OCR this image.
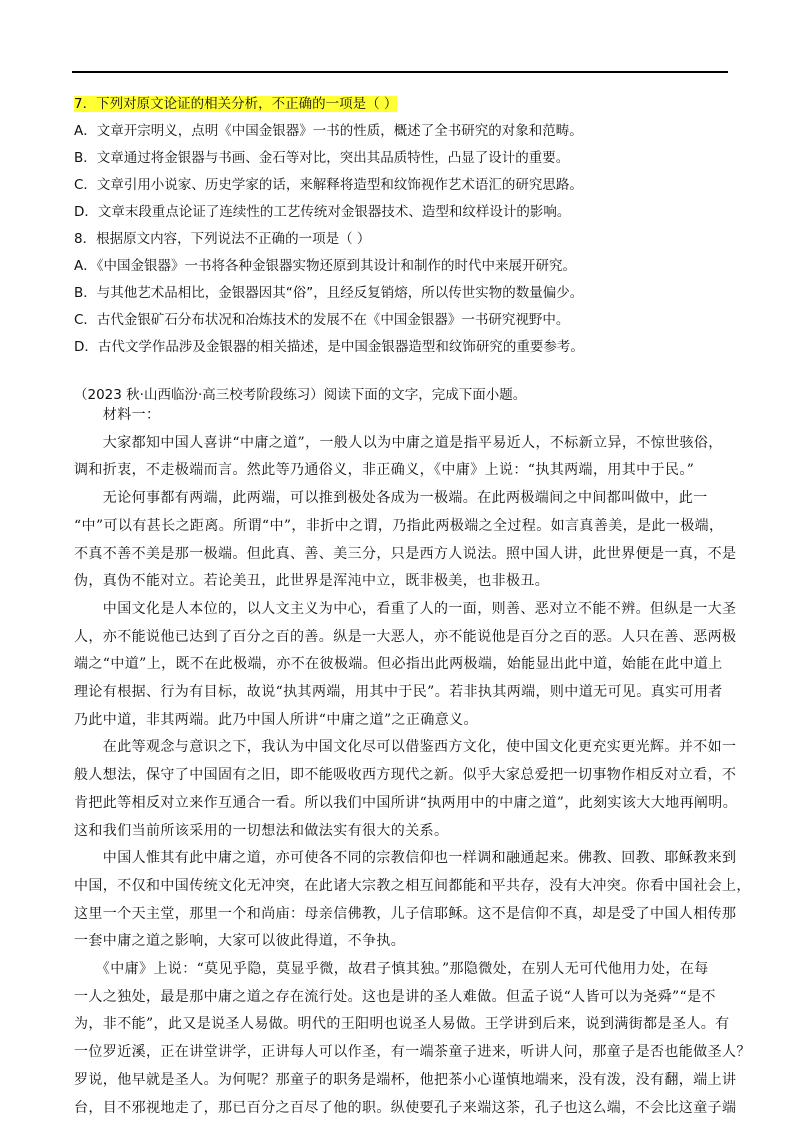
7．下列对原文论证的相关分析，不正确的一项是（ ）
A．文章开宗明义，点明《中国金银器》一书的性质，概述了全书研究的对象和范畴。
B．文章通过将金银器与书画、金石等对比，突出其品质特性，凸显了设计的重要。
C．文章引用小说家、历史学家的话，来解释将造型和纹饰视作艺术语汇的研究思路。
D．文章末段重点论证了连续性的工艺传统对金银器技术、造型和纹样设计的影响。
8．根据原文内容，下列说法不正确的一项是（ ）
A．《中国金银器》一书将各种金银器实物还原到其设计和制作的时代中来展开研究。
B．与其他艺术品相比，金银器因其“俗”，且经反复销熔，所以传世实物的数量偏少。
C．古代金银矿石分布状况和冶炼技术的发展不在《中国金银器》一书研究视野中。
D．古代文学作品涉及金银器的相关描述，是中国金银器造型和纹饰研究的重要参考。
（2023 秋·山西临汾·高三校考阶段练习）阅读下面的文字，完成下面小题。
　　材料一：
　　大家都知中国人喜讲“中庸之道”，一般人以为中庸之道是指平易近人，不标新立异，不惊世骇俗，
调和折衷，不走极端而言。然此等乃通俗义，非正确义，《中庸》上说：“执其两端，用其中于民。”
　　无论何事都有两端，此两端，可以推到极处各成为一极端。在此两极端间之中间都叫做中，此一
“中”可以有甚长之距离。所谓“中”，非折中之谓，乃指此两极端之全过程。如言真善美，是此一极端，
不真不善不美是那一极端。但此真、善、美三分，只是西方人说法。照中国人讲，此世界便是一真，不是
伪，真伪不能对立。若论美丑，此世界是浑沌中立，既非极美，也非极丑。
　　中国文化是人本位的，以人文主义为中心，看重了人的一面，则善、恶对立不能不辨。但纵是一大圣
人，亦不能说他已达到了百分之百的善。纵是一大恶人，亦不能说他是百分之百的恶。人只在善、恶两极
端之“中道”上，既不在此极端，亦不在彼极端。但必指出此两极端，始能显出此中道，始能在此中道上
理论有根据、行为有目标，故说“执其两端，用其中于民”。若非执其两端，则中道无可见。真实可用者
乃此中道，非其两端。此乃中国人所讲“中庸之道”之正确意义。
　　在此等观念与意识之下，我认为中国文化尽可以借鉴西方文化，使中国文化更充实更光辉。并不如一
般人想法，保守了中国固有之旧，即不能吸收西方现代之新。似乎大家总爱把一切事物作相反对立看，不
肯把此等相反对立来作互通合一看。所以我们中国所讲“执两用中的中庸之道”，此刻实该大大地再阐明。
这和我们当前所该采用的一切想法和做法实有很大的关系。
　　中国人惟其有此中庸之道，亦可使各不同的宗教信仰也一样调和融通起来。佛教、回教、耶稣教来到
中国，不仅和中国传统文化无冲突，在此诸大宗教之相互间都能和平共存，没有大冲突。你看中国社会上，
这里一个天主堂，那里一个和尚庙：母亲信佛教，儿子信耶稣。这不是信仰不真，却是受了中国人相传那
一套中庸之道之影响，大家可以彼此得道，不争执。
　　《中庸》上说：“莫见乎隐，莫显乎微，故君子慎其独。”那隐微处，在别人无可代他用力处，在每
一人之独处，最是那中庸之道之存在流行处。这也是讲的圣人难做。但孟子说“人皆可以为尧舜”“是不
为，非不能”，此又是说圣人易做。明代的王阳明也说圣人易做。王学讲到后来，说到满街都是圣人。有
一位罗近溪，正在讲堂讲学，正讲每人可以作圣，有一端茶童子进来，听讲人问，那童子是否也能做圣人？
罗说，他早就是圣人。为何呢？那童子的职务是端杯，他把茶小心谨慎地端来，没有泼，没有翻，端上讲
台，目不邪视地走了，那已百分之百尽了他的职。纵使要孔子来端这茶，孔子也这么端，不会比这童子端
